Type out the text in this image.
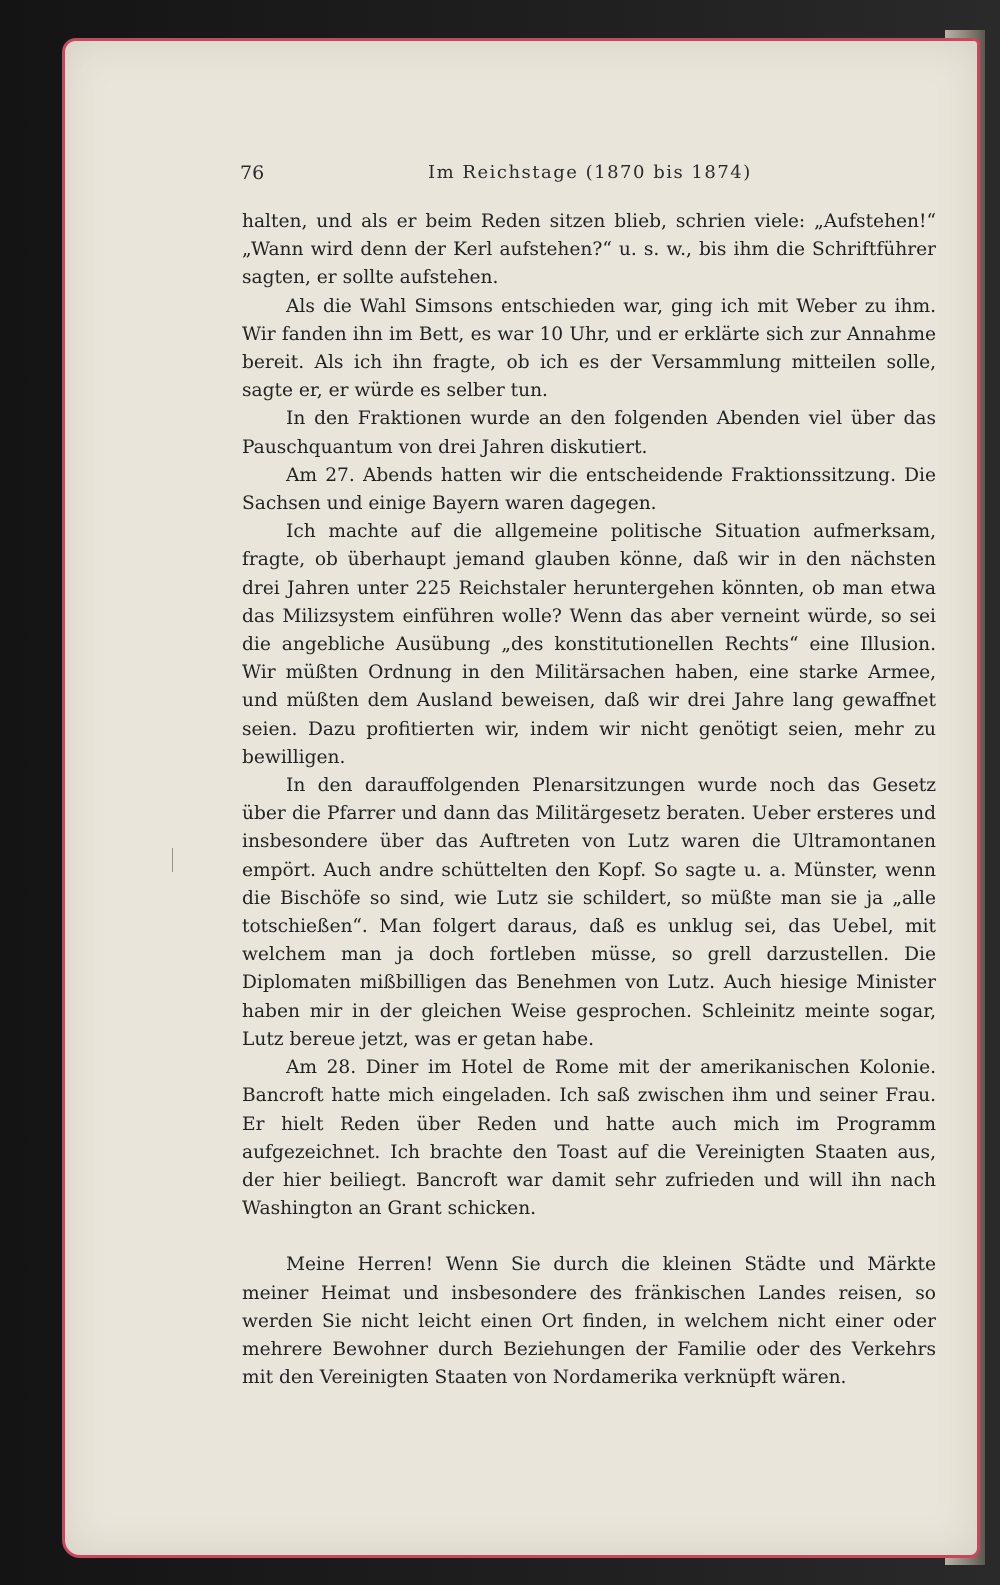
76	Im Reichstage (1870 bis 1874)

halten, und als er beim Reden sitzen blieb, schrien viele: „Aufstehen!“ „Wann wird denn der Kerl aufstehen?“ u. s. w., bis ihm die Schriftführer sagten, er sollte aufstehen.

Als die Wahl Simsons entschieden war, ging ich mit Weber zu ihm. Wir fanden ihn im Bett, es war 10 Uhr, und er erklärte sich zur Annahme bereit. Als ich ihn fragte, ob ich es der Versammlung mitteilen solle, sagte er, er würde es selber tun.

In den Fraktionen wurde an den folgenden Abenden viel über das Pauschquantum von drei Jahren diskutiert.

Am 27. Abends hatten wir die entscheidende Fraktionssitzung. Die Sachsen und einige Bayern waren dagegen.

Ich machte auf die allgemeine politische Situation aufmerksam, fragte, ob überhaupt jemand glauben könne, daß wir in den nächsten drei Jahren unter 225 Reichstaler heruntergehen könnten, ob man etwa das Milizsystem einführen wolle? Wenn das aber verneint würde, so sei die angebliche Ausübung „des konstitutionellen Rechts“ eine Illusion. Wir müßten Ordnung in den Militärsachen haben, eine starke Armee, und müßten dem Ausland beweisen, daß wir drei Jahre lang gewaffnet seien. Dazu profitierten wir, indem wir nicht genötigt seien, mehr zu bewilligen.

In den darauffolgenden Plenarsitzungen wurde noch das Gesetz über die Pfarrer und dann das Militärgesetz beraten. Ueber ersteres und insbesondere über das Auftreten von Lutz waren die Ultramontanen empört. Auch andre schüttelten den Kopf. So sagte u. a. Münster, wenn die Bischöfe so sind, wie Lutz sie schildert, so müßte man sie ja „alle totschießen“. Man folgert daraus, daß es unklug sei, das Uebel, mit welchem man ja doch fortleben müsse, so grell darzustellen. Die Diplomaten mißbilligen das Benehmen von Lutz. Auch hiesige Minister haben mir in der gleichen Weise gesprochen. Schleinitz meinte sogar, Lutz bereue jetzt, was er getan habe.

Am 28. Diner im Hotel de Rome mit der amerikanischen Kolonie. Bancroft hatte mich eingeladen. Ich saß zwischen ihm und seiner Frau. Er hielt Reden über Reden und hatte auch mich im Programm aufgezeichnet. Ich brachte den Toast auf die Vereinigten Staaten aus, der hier beiliegt. Bancroft war damit sehr zufrieden und will ihn nach Washington an Grant schicken.

Meine Herren! Wenn Sie durch die kleinen Städte und Märkte meiner Heimat und insbesondere des fränkischen Landes reisen, so werden Sie nicht leicht einen Ort finden, in welchem nicht einer oder mehrere Bewohner durch Beziehungen der Familie oder des Verkehrs mit den Vereinigten Staaten von Nordamerika verknüpft wären.
